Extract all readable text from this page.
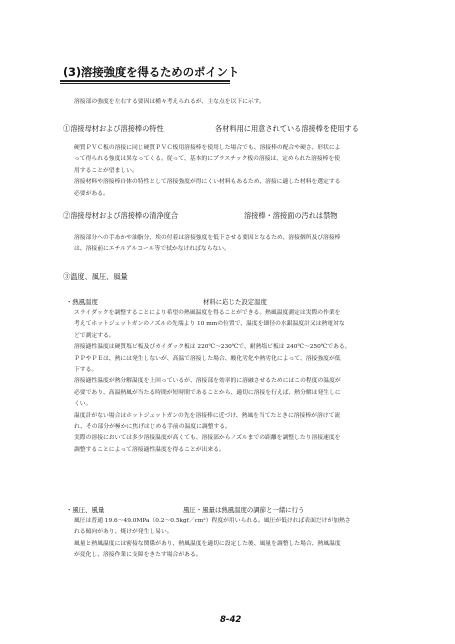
(3)溶接強度を得るためのポイント
溶接部の強度を左右する要因は種々考えられるが、主な点を以下に示す。
①溶接母材および溶接棒の特性	各材料用に用意されている溶接棒を使用する

硬質ＰＶＣ板の溶接に同じ硬質ＰＶＣ板用溶接棒を使用した場合でも、溶接棒の配合や硬さ、形状によ

って得られる強度は異なってくる。従って、基本的にプラスチック板の溶接は、定められた溶接棒を使

用することが望ましい。

溶接材料や溶接棒自体の特性として溶接強度が得にくい材料もあるため、溶接に適した材料を選定する

必要がある。

②溶接母材および溶接棒の清浄度合	溶接棒・溶接面の汚れは禁物

溶接部分への手あかや油脂分、埃の付着は溶接強度を低下させる要因となるため、溶接個所及び溶接棒

は、溶接前にエチルアルコール等で拭かなければならない。

③温度、風圧、風量
・熱風温度	材料に応じた設定温度

スライダックを調整することにより希望の熱風温度を得ることができる。熱風温度測定は実際の作業を

考えてホットジェットガンのノズルの先端より 10 mmの位置で、温度を細径の水銀温度計又は熱電対な

どで測定する。

溶接適性温度は硬質塩ビ板及びカイダック板は 220℃～230℃で、耐熱塩ビ板は 240℃～250℃である。

ＰＰやＰＥは、熱には発生しないが、高温で溶接した場合、酸化劣化や熱劣化によって、溶接強度が低

下する。

溶接適性温度が熱分解温度を上回っているが、溶接部を効率的に溶融させるためにはこの程度の温度が

必要であり、高温熱風が当たる時間が短時間であることから、適切に溶接を行えば、熱分解は発生しに

くい。

温度計がない場合はホットジェットガンの先を溶接棒に近づけ、熱風を当てたときに溶接棒が溶けて流

れ、その部分が極かに焦げはじめる手前の温度に調整する。

実際の溶接においては多少溶接温度が高くても、溶接部からノズルまでの距離を調整したり溶接速度を

調整することによって溶接適性温度を得ることが出来る。

・風圧、風量	風圧・風量は熱風温度の調節と一緒に行う

風圧は普通 19.6～49.0MPa（0.2～0.5kgf／cm²）程度が用いられる。風圧が低ければ表面だけが加熱さ

れる傾向があり、焼けが発生し易い。

風量と熱風温度には密接な関係があり、熱風温度を適切に設定した後、風量を調整した場合、熱風温度

が変化し、溶接作業に支障をきたす場合がある。

8-42
